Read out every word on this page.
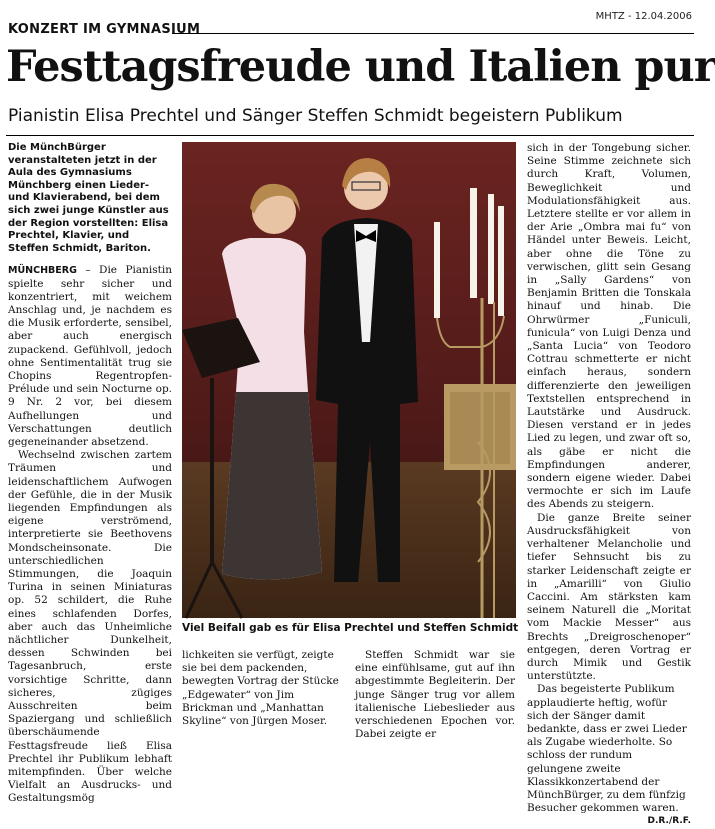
MHTZ - 12.04.2006
KONZERT IM GYMNASIUM
Festtagsfreude und Italien pur
Pianistin Elisa Prechtel und Sänger Steffen Schmidt begeistern Publikum

Die MünchBürger veranstalteten jetzt in der Aula des Gymnasiums Münchberg einen Lieder- und Klavierabend, bei dem sich zwei junge Künstler aus der Region vorstellten: Elisa Prechtel, Klavier, und Steffen Schmidt, Bariton.

MÜNCHBERG – Die Pianistin spielte sehr sicher und konzentriert, mit weichem Anschlag und, je nachdem es die Musik erforderte, sensibel, aber auch energisch zupackend. Gefühlvoll, jedoch ohne Sentimentalität trug sie Chopins Regentropfen-Prélude und sein Nocturne op. 9 Nr. 2 vor, bei diesem Aufhellungen und Verschattungen deutlich gegeneinander absetzend.

Wechselnd zwischen zartem Träumen und leidenschaftlichem Aufwogen der Gefühle, die in der Musik liegenden Empfindungen als eigene verströmend, interpretierte sie Beethovens Mondscheinsonate. Die unterschiedlichen Stimmungen, die Joaquin Turina in seinen Miniaturas op. 52 schildert, die Ruhe eines schlafenden Dorfes, aber auch das Unheimliche nächtlicher Dunkelheit, dessen Schwinden bei Tagesanbruch, erste vorsichtige Schritte, dann sicheres, zügiges Ausschreiten beim Spaziergang und schließlich überschäumende Festtagsfreude ließ Elisa Prechtel ihr Publikum lebhaft mitempfinden. Über welche Vielfalt an Ausdrucks- und Gestaltungsmög

Viel Beifall gab es für Elisa Prechtel und Steffen Schmidt

lichkeiten sie verfügt, zeigte sie bei dem packenden, bewegten Vortrag der Stücke „Edgewater“ von Jim Brickman und „Manhattan Skyline“ von Jürgen Moser.

Steffen Schmidt war sie eine einfühlsame, gut auf ihn abgestimmte Begleiterin. Der junge Sänger trug vor allem italienische Liebeslieder aus verschiedenen Epochen vor. Dabei zeigte er

sich in der Tongebung sicher. Seine Stimme zeichnete sich durch Kraft, Volumen, Beweglichkeit und Modulationsfähigkeit aus. Letztere stellte er vor allem in der Arie „Ombra mai fu“ von Händel unter Beweis. Leicht, aber ohne die Töne zu verwischen, glitt sein Gesang in „Sally Gardens“ von Benjamin Britten die Tonskala hinauf und hinab. Die Ohrwürmer „Funiculi, funicula“ von Luigi Denza und „Santa Lucia“ von Teodoro Cottrau schmetterte er nicht einfach heraus, sondern differenzierte den jeweiligen Textstellen entsprechend in Lautstärke und Ausdruck. Diesen verstand er in jedes Lied zu legen, und zwar oft so, als gäbe er nicht die Empfindungen anderer, sondern eigene wieder. Dabei vermochte er sich im Laufe des Abends zu steigern.

Die ganze Breite seiner Ausdrucksfähigkeit von verhaltener Melancholie und tiefer Sehnsucht bis zu starker Leidenschaft zeigte er in „Amarilli“ von Giulio Caccini. Am stärksten kam seinem Naturell die „Moritat vom Mackie Messer“ aus Brechts „Dreigroschenoper“ entgegen, deren Vortrag er durch Mimik und Gestik unterstützte.

Das begeisterte Publikum applaudierte heftig, wofür sich der Sänger damit bedankte, dass er zwei Lieder als Zugabe wiederholte. So schloss der rundum gelungene zweite Klassikkonzertabend der MünchBürger, zu dem fünfzig Besucher gekommen waren.

D.R./R.F.
